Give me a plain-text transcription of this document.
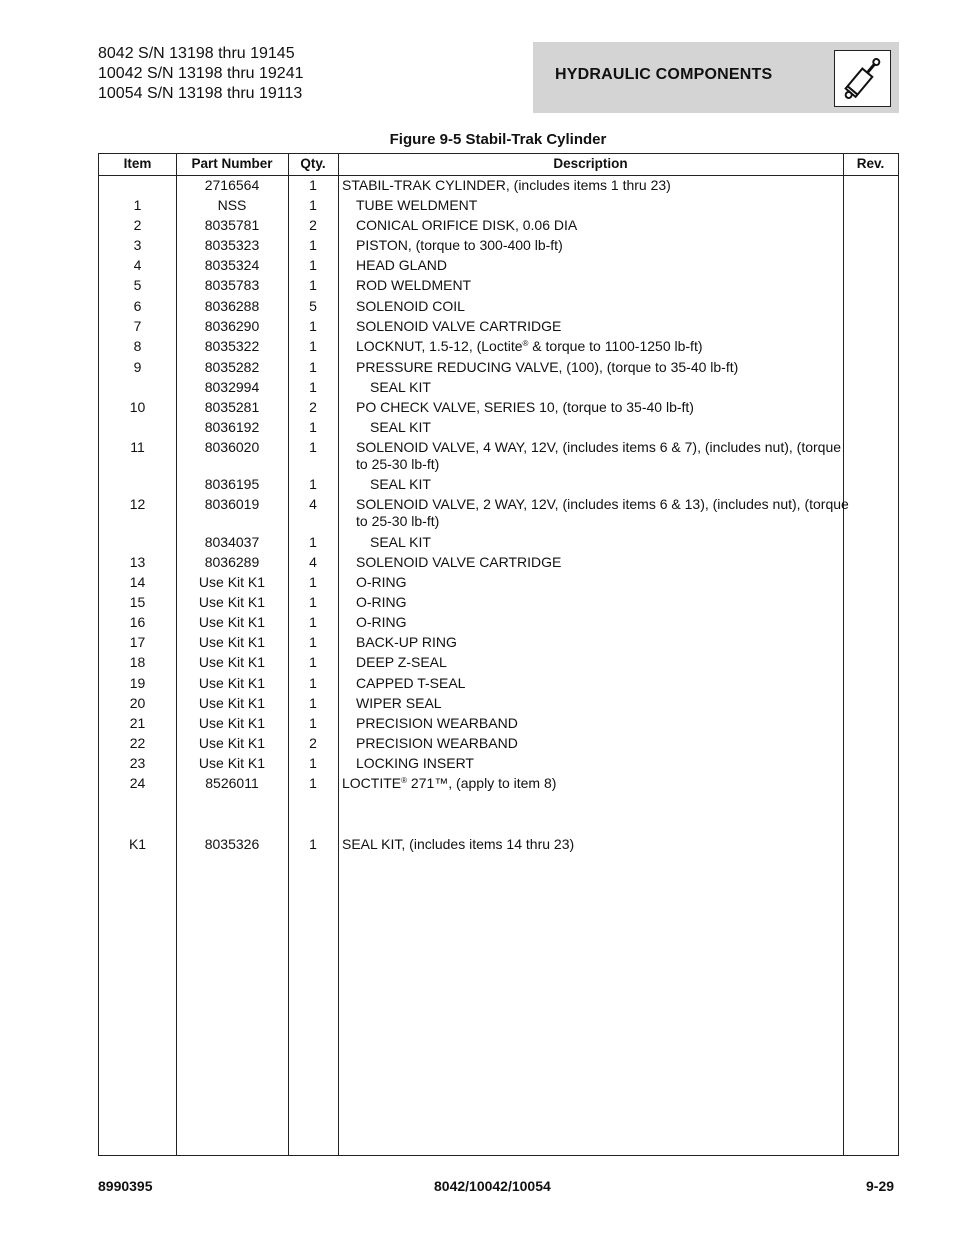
8042 S/N 13198 thru 19145
10042 S/N 13198 thru 19241
10054 S/N 13198 thru 19113
HYDRAULIC COMPONENTS
Figure 9-5 Stabil-Trak Cylinder
Item	Part Number	Qty.	Description	Rev.
2716564	1	STABIL-TRAK CYLINDER, (includes items 1 thru 23)
1	NSS	1	TUBE WELDMENT
2	8035781	2	CONICAL ORIFICE DISK, 0.06 DIA
3	8035323	1	PISTON, (torque to 300-400 lb-ft)
4	8035324	1	HEAD GLAND
5	8035783	1	ROD WELDMENT
6	8036288	5	SOLENOID COIL
7	8036290	1	SOLENOID VALVE CARTRIDGE
8	8035322	1	LOCKNUT, 1.5-12, (Loctite® & torque to 1100-1250 lb-ft)
9	8035282	1	PRESSURE REDUCING VALVE, (100), (torque to 35-40 lb-ft)
8032994	1	SEAL KIT
10	8035281	2	PO CHECK VALVE, SERIES 10, (torque to 35-40 lb-ft)
8036192	1	SEAL KIT
11	8036020	1	SOLENOID VALVE, 4 WAY, 12V, (includes items 6 & 7), (includes nut), (torque to 25-30 lb-ft)
8036195	1	SEAL KIT
12	8036019	4	SOLENOID VALVE, 2 WAY, 12V, (includes items 6 & 13), (includes nut), (torque to 25-30 lb-ft)
8034037	1	SEAL KIT
13	8036289	4	SOLENOID VALVE CARTRIDGE
14	Use Kit K1	1	O-RING
15	Use Kit K1	1	O-RING
16	Use Kit K1	1	O-RING
17	Use Kit K1	1	BACK-UP RING
18	Use Kit K1	1	DEEP Z-SEAL
19	Use Kit K1	1	CAPPED T-SEAL
20	Use Kit K1	1	WIPER SEAL
21	Use Kit K1	1	PRECISION WEARBAND
22	Use Kit K1	2	PRECISION WEARBAND
23	Use Kit K1	1	LOCKING INSERT
24	8526011	1	LOCTITE® 271™, (apply to item 8)
K1	8035326	1	SEAL KIT, (includes items 14 thru 23)
8990395	8042/10042/10054	9-29
